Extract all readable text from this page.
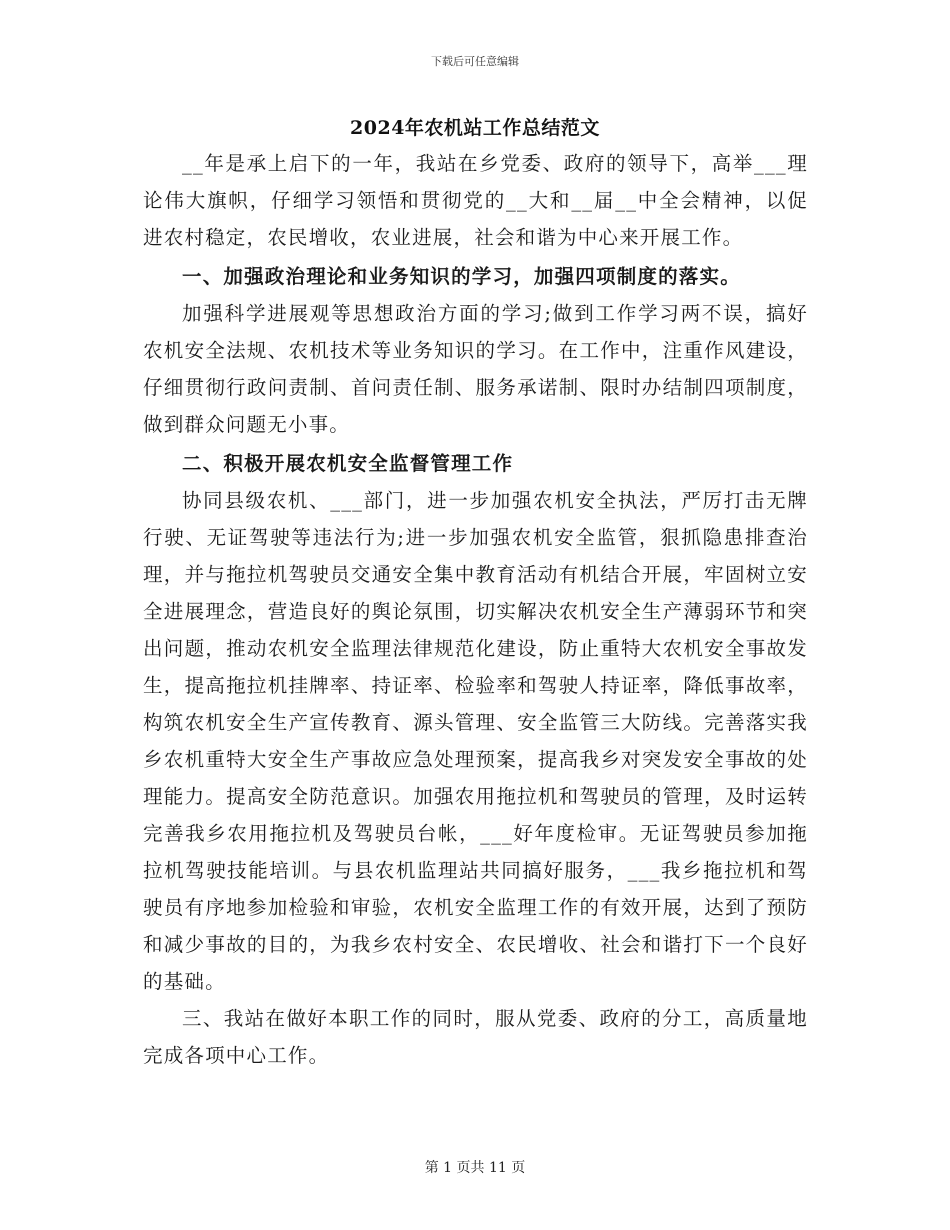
下载后可任意编辑
2024年农机站工作总结范文

__年是承上启下的一年，我站在乡党委、政府的领导下，高举___理论伟大旗帜，仔细学习领悟和贯彻党的__大和__届__中全会精神，以促进农村稳定，农民增收，农业进展，社会和谐为中心来开展工作。

一、加强政治理论和业务知识的学习，加强四项制度的落实。

加强科学进展观等思想政治方面的学习;做到工作学习两不误，搞好农机安全法规、农机技术等业务知识的学习。在工作中，注重作风建设，仔细贯彻行政问责制、首问责任制、服务承诺制、限时办结制四项制度，做到群众问题无小事。

二、积极开展农机安全监督管理工作

协同县级农机、___部门，进一步加强农机安全执法，严厉打击无牌行驶、无证驾驶等违法行为;进一步加强农机安全监管，狠抓隐患排查治理，并与拖拉机驾驶员交通安全集中教育活动有机结合开展，牢固树立安全进展理念，营造良好的舆论氛围，切实解决农机安全生产薄弱环节和突出问题，推动农机安全监理法律规范化建设，防止重特大农机安全事故发生，提高拖拉机挂牌率、持证率、检验率和驾驶人持证率，降低事故率，构筑农机安全生产宣传教育、源头管理、安全监管三大防线。完善落实我乡农机重特大安全生产事故应急处理预案，提高我乡对突发安全事故的处理能力。提高安全防范意识。加强农用拖拉机和驾驶员的管理，及时运转完善我乡农用拖拉机及驾驶员台帐，___好年度检审。无证驾驶员参加拖拉机驾驶技能培训。与县农机监理站共同搞好服务，___我乡拖拉机和驾驶员有序地参加检验和审验，农机安全监理工作的有效开展，达到了预防和减少事故的目的，为我乡农村安全、农民增收、社会和谐打下一个良好的基础。

三、我站在做好本职工作的同时，服从党委、政府的分工，高质量地完成各项中心工作。

第 1 页共 11 页
